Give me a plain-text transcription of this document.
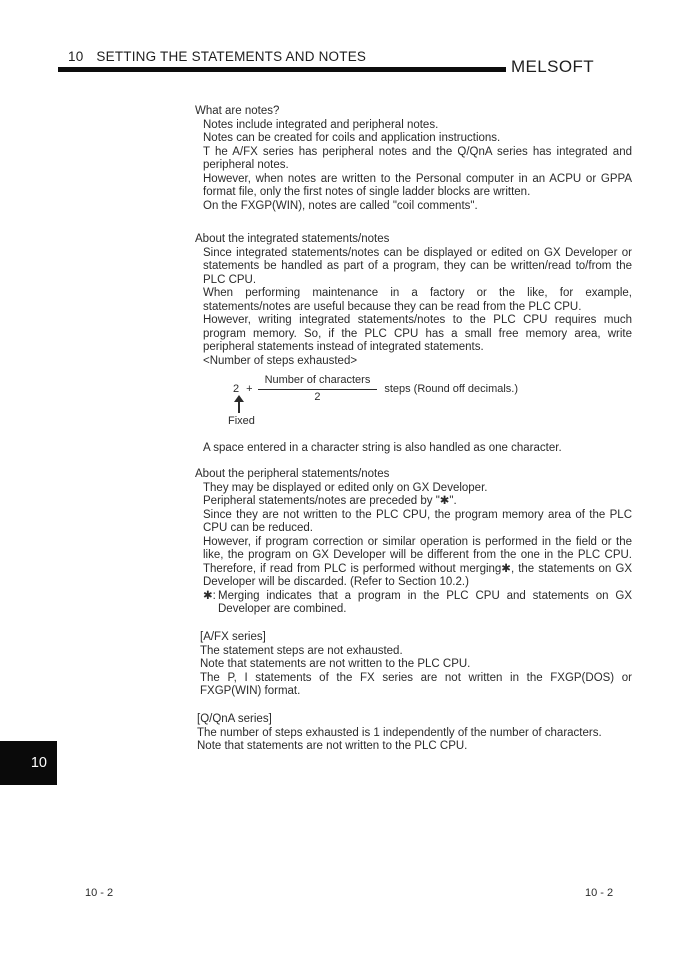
10 SETTING THE STATEMENTS AND NOTES
MELSOFT
What are notes?

Notes include integrated and peripheral notes.

Notes can be created for coils and application instructions.

T he A/FX series has peripheral notes and the Q/QnA series has integrated and peripheral notes.

However, when notes are written to the Personal computer in an ACPU or GPPA format file, only the first notes of single ladder blocks are written.

On the FXGP(WIN), notes are called "coil comments".

About the integrated statements/notes

Since integrated statements/notes can be displayed or edited on GX Developer or statements be handled as part of a program, they can be written/read to/from the PLC CPU.

When performing maintenance in a factory or the like, for example, statements/notes are useful because they can be read from the PLC CPU.

However, writing integrated statements/notes to the PLC CPU requires much program memory. So, if the PLC CPU has a small free memory area, write peripheral statements instead of integrated statements.

<Number of steps exhausted>

$2 + \frac{\text{Number of characters}}{2}$ steps (Round off decimals.)
Fixed
A space entered in a character string is also handled as one character.
About the peripheral statements/notes

They may be displayed or edited only on GX Developer.

Peripheral statements/notes are preceded by "✱".

Since they are not written to the PLC CPU, the program memory area of the PLC CPU can be reduced.

However, if program correction or similar operation is performed in the field or the like, the program on GX Developer will be different from the one in the PLC CPU. Therefore, if read from PLC is performed without merging✱, the statements on GX Developer will be discarded. (Refer to Section 10.2.)

✱: Merging indicates that a program in the PLC CPU and statements on GX Developer are combined.
[A/FX series]

The statement steps are not exhausted.

Note that statements are not written to the PLC CPU.

The P, I statements of the FX series are not written in the FXGP(DOS) or FXGP(WIN) format.

[Q/QnA series]

The number of steps exhausted is 1 independently of the number of characters.

Note that statements are not written to the PLC CPU.

10
10 - 2	10 - 2
